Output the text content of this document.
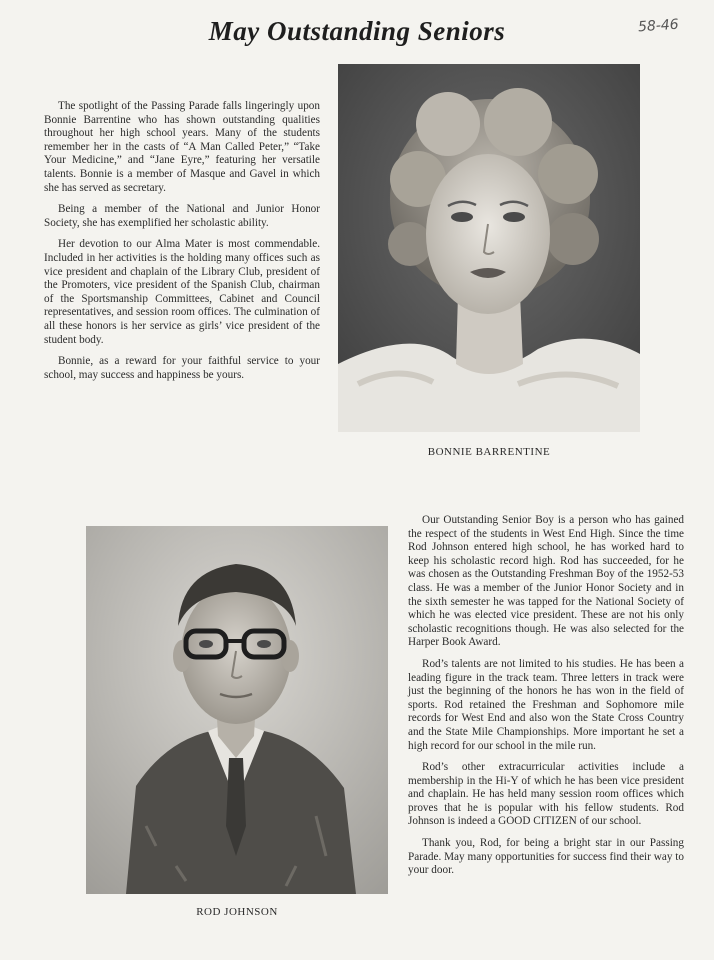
May Outstanding Seniors	58-46

The spotlight of the Passing Parade falls lingeringly upon Bonnie Barrentine who has shown outstanding qualities throughout her high school years. Many of the students remember her in the casts of “A Man Called Peter,” “Take Your Medicine,” and “Jane Eyre,” featuring her versatile talents. Bonnie is a member of Masque and Gavel in which she has served as secretary.

Being a member of the National and Junior Honor Society, she has exemplified her scholastic ability.

Her devotion to our Alma Mater is most commendable. Included in her activities is the holding many offices such as vice president and chaplain of the Library Club, president of the Promoters, vice president of the Spanish Club, chairman of the Sportsmanship Committees, Cabinet and Council representatives, and session room offices. The culmination of all these honors is her service as girls’ vice president of the student body.

Bonnie, as a reward for your faithful service to your school, may success and happiness be yours.

BONNIE BARRENTINE
ROD JOHNSON

Our Outstanding Senior Boy is a person who has gained the respect of the students in West End High. Since the time Rod Johnson entered high school, he has worked hard to keep his scholastic record high. Rod has succeeded, for he was chosen as the Outstanding Freshman Boy of the 1952-53 class. He was a member of the Junior Honor Society and in the sixth semester he was tapped for the National Society of which he was elected vice president. These are not his only scholastic recognitions though. He was also selected for the Harper Book Award.

Rod’s talents are not limited to his studies. He has been a leading figure in the track team. Three letters in track were just the beginning of the honors he has won in the field of sports. Rod retained the Freshman and Sophomore mile records for West End and also won the State Cross Country and the State Mile Championships. More important he set a high record for our school in the mile run.

Rod’s other extracurricular activities include a membership in the Hi-Y of which he has been vice president and chaplain. He has held many session room offices which proves that he is popular with his fellow students. Rod Johnson is indeed a GOOD CITIZEN of our school.

Thank you, Rod, for being a bright star in our Passing Parade. May many opportunities for success find their way to your door.
